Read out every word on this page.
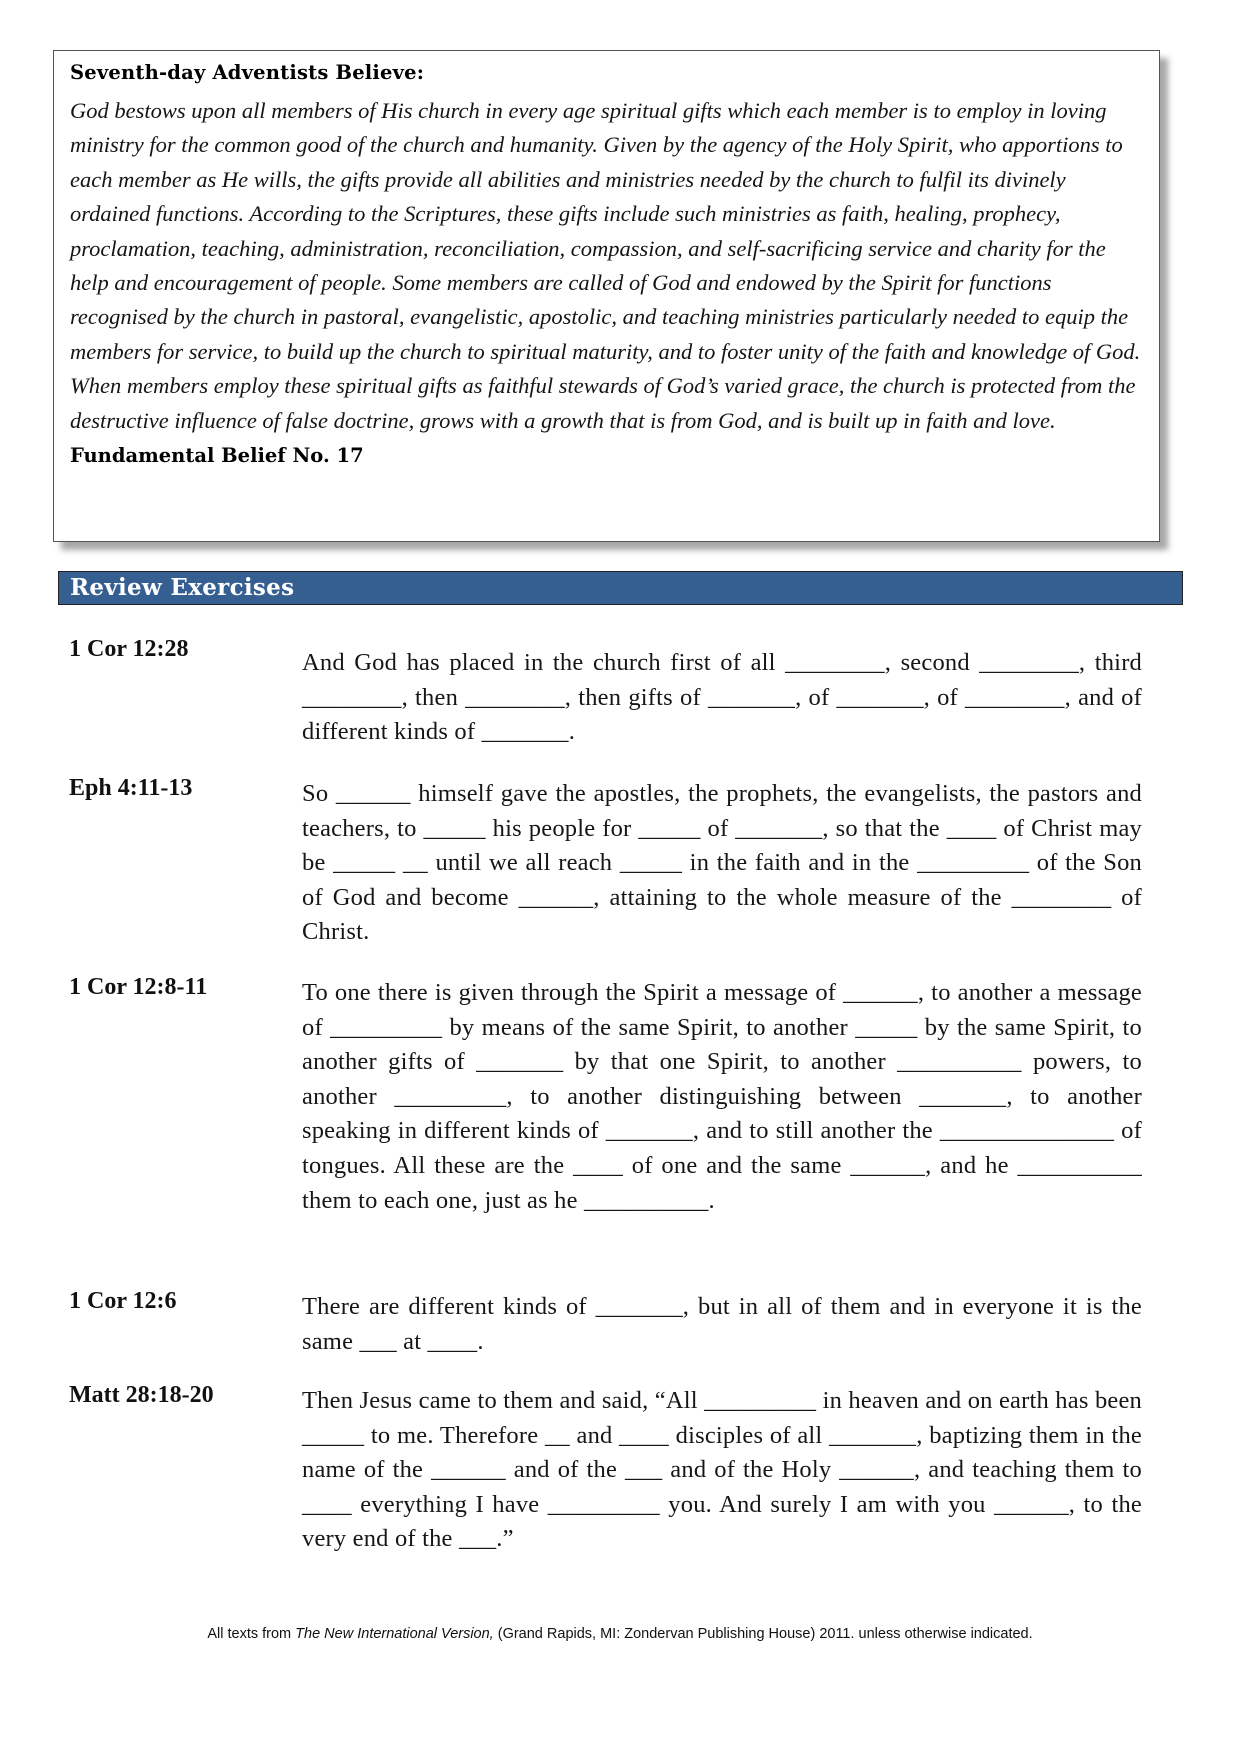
Seventh-day Adventists Believe:

God bestows upon all members of His church in every age spiritual gifts which each member is to employ in loving ministry for the common good of the church and humanity. Given by the agency of the Holy Spirit, who apportions to each member as He wills, the gifts provide all abilities and ministries needed by the church to fulfil its divinely ordained functions. According to the Scriptures, these gifts include such ministries as faith, healing, prophecy, proclamation, teaching, administration, reconciliation, compassion, and self-sacrificing service and charity for the help and encouragement of people. Some members are called of God and endowed by the Spirit for functions recognised by the church in pastoral, evangelistic, apostolic, and teaching ministries particularly needed to equip the members for service, to build up the church to spiritual maturity, and to foster unity of the faith and knowledge of God. When members employ these spiritual gifts as faithful stewards of God’s varied grace, the church is protected from the destructive influence of false doctrine, grows with a growth that is from God, and is built up in faith and love.

Fundamental Belief No. 17

Review Exercises
1 Cor 12:28	And God has placed in the church first of all ________, second ________, third ________, then ________, then gifts of _______, of _______, of ________, and of different kinds of _______.
Eph 4:11-13	So ______ himself gave the apostles, the prophets, the evangelists, the pastors and teachers, to _____ his people for _____ of _______, so that the ____ of Christ may be _____ __ until we all reach _____ in the faith and in the _________ of the Son of God and become ______, attaining to the whole measure of the ________ of Christ.
1 Cor 12:8-11	To one there is given through the Spirit a message of ______, to another a message of _________ by means of the same Spirit, to another _____ by the same Spirit, to another gifts of _______ by that one Spirit, to another __________ powers, to another _________, to another distinguishing between _______, to another speaking in different kinds of _______, and to still another the ______________ of tongues. All these are the ____ of one and the same ______, and he __________ them to each one, just as he __________.
1 Cor 12:6	There are different kinds of _______, but in all of them and in everyone it is the same ___ at ____.
Matt 28:18-20	Then Jesus came to them and said, “All _________ in heaven and on earth has been _____ to me. Therefore __ and ____ disciples of all _______, baptizing them in the name of the ______ and of the ___ and of the Holy ______, and teaching them to ____ everything I have _________ you. And surely I am with you ______, to the very end of the ___.”
All texts from The New International Version, (Grand Rapids, MI: Zondervan Publishing House) 2011. unless otherwise indicated.
